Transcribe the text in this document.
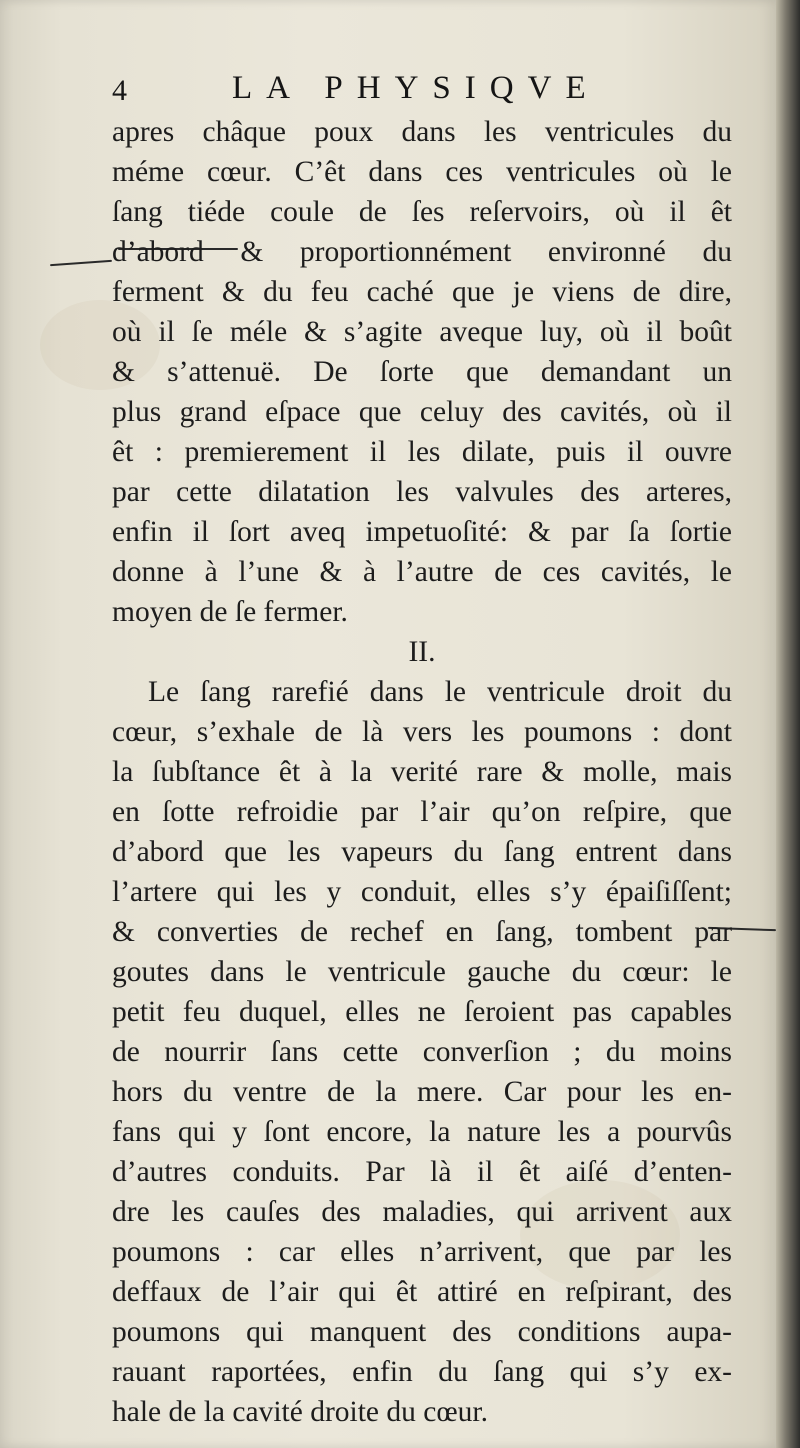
4	LA PHYSIQVE
apres châque poux dans les ventricules du
méme cœur. C’êt dans ces ventricules où le
ſang tiéde coule de ſes reſervoirs, où il êt
d’abord & proportionnément environné du
ferment & du feu caché que je viens de dire,
où il ſe méle & s’agite aveque luy, où il boût
& s’attenuë. De ſorte que demandant un
plus grand eſpace que celuy des cavités, où il
êt : premierement il les dilate, puis il ouvre
par cette dilatation les valvules des arteres,
enfin il ſort aveq impetuoſité: & par ſa ſortie
donne à l’une & à l’autre de ces cavités, le
moyen de ſe fermer.
II.
Le ſang rarefié dans le ventricule droit du
cœur, s’exhale de là vers les poumons : dont
la ſubſtance êt à la verité rare & molle, mais
en ſotte refroidie par l’air qu’on reſpire, que
d’abord que les vapeurs du ſang entrent dans
l’artere qui les y conduit, elles s’y épaiſiſſent;
& converties de rechef en ſang, tombent par
goutes dans le ventricule gauche du cœur: le
petit feu duquel, elles ne ſeroient pas capables
de nourrir ſans cette converſion ; du moins
hors du ventre de la mere. Car pour les en-
fans qui y ſont encore, la nature les a pourvûs
d’autres conduits. Par là il êt aiſé d’enten-
dre les cauſes des maladies, qui arrivent aux
poumons : car elles n’arrivent, que par les
deffaux de l’air qui êt attiré en reſpirant, des
poumons qui manquent des conditions aupa-
rauant raportées, enfin du ſang qui s’y ex-
hale de la cavité droite du cœur.
